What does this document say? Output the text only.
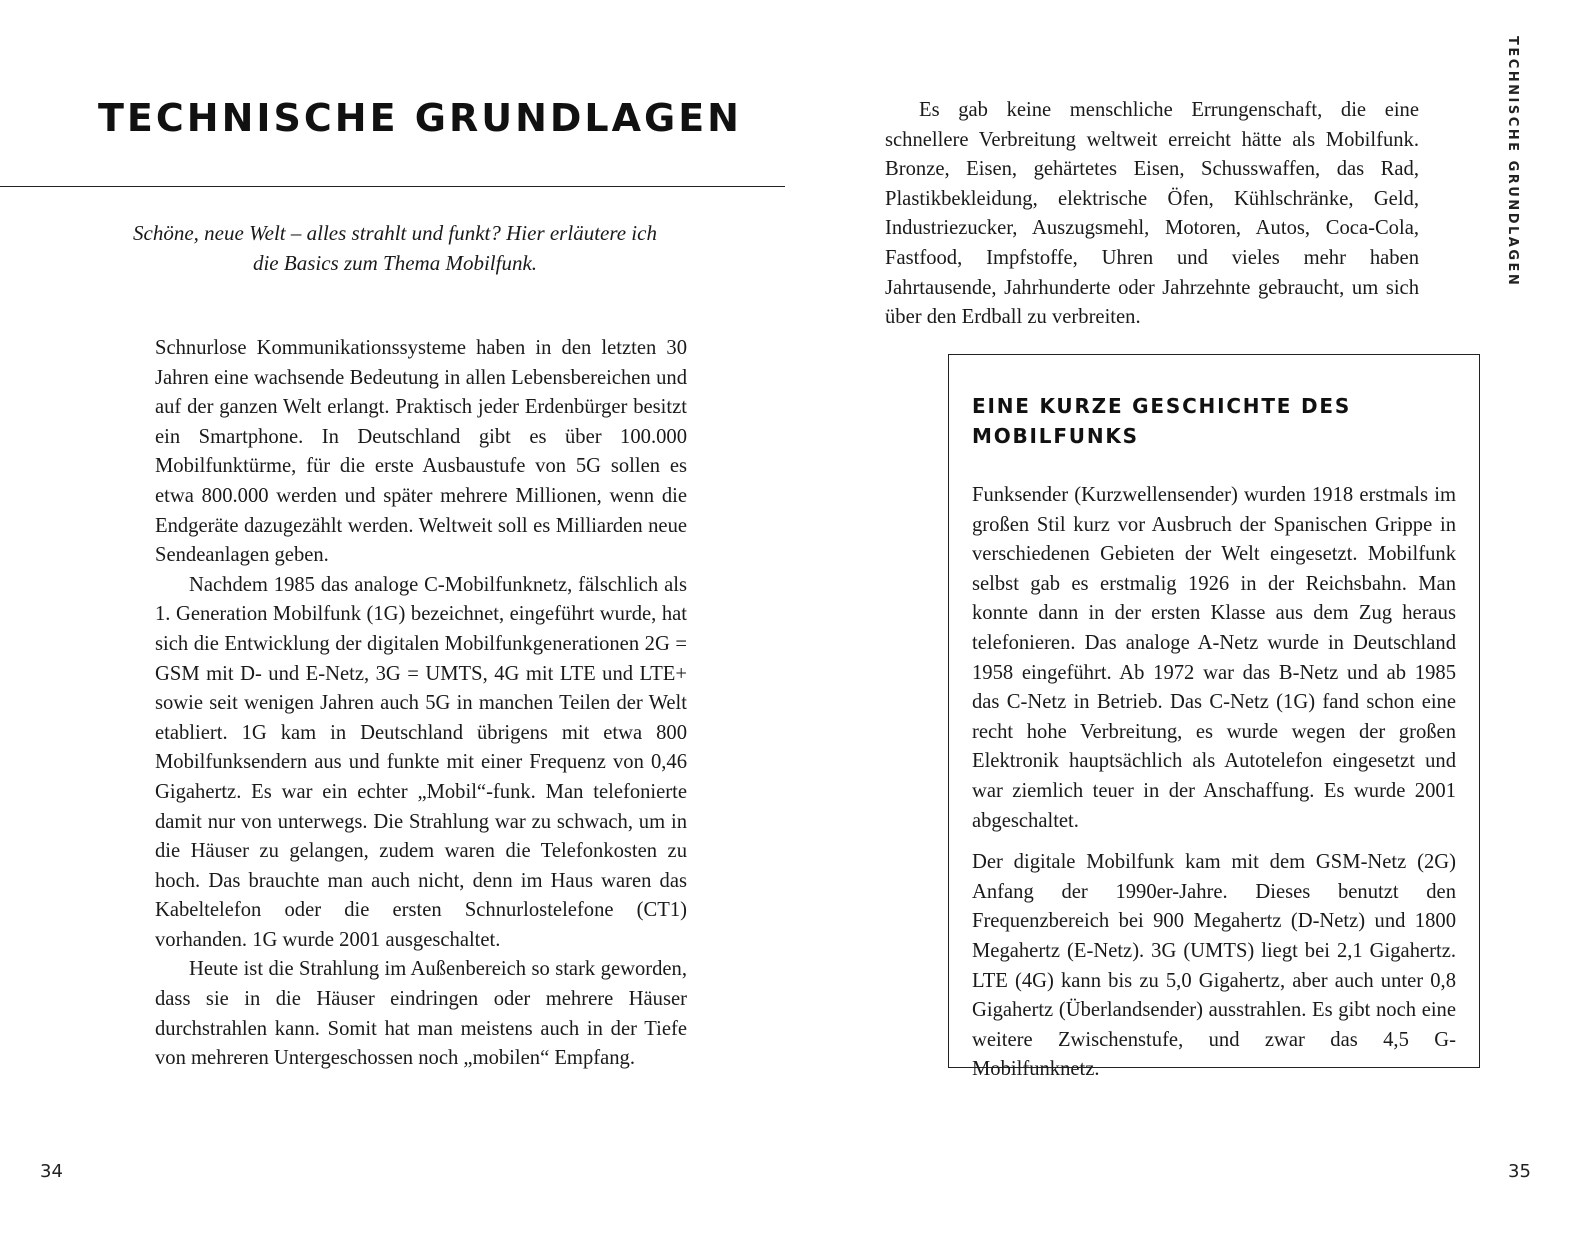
TECHNISCHE GRUNDLAGEN

Schöne, neue Welt – alles strahlt und funkt? Hier erläutere ich die Basics zum Thema Mobilfunk.

Schnurlose Kommunikationssysteme haben in den letzten 30 Jahren eine wachsende Bedeutung in allen Lebensbereichen und auf der ganzen Welt erlangt. Praktisch jeder Erdenbürger besitzt ein Smartphone. In Deutschland gibt es über 100.000 Mobilfunktürme, für die erste Ausbaustufe von 5G sollen es etwa 800.000 werden und später mehrere Millionen, wenn die Endgeräte dazugezählt werden. Weltweit soll es Milliarden neue Sendeanlagen geben.

Nachdem 1985 das analoge C-Mobilfunknetz, fälschlich als 1. Generation Mobilfunk (1G) bezeichnet, eingeführt wurde, hat sich die Entwicklung der digitalen Mobilfunkgenerationen 2G = GSM mit D- und E-Netz, 3G = UMTS, 4G mit LTE und LTE+ sowie seit wenigen Jahren auch 5G in manchen Teilen der Welt etabliert. 1G kam in Deutschland übrigens mit etwa 800 Mobilfunksendern aus und funkte mit einer Frequenz von 0,46 Gigahertz. Es war ein echter „Mobil“-funk. Man telefonierte damit nur von unterwegs. Die Strahlung war zu schwach, um in die Häuser zu gelangen, zudem waren die Telefonkosten zu hoch. Das brauchte man auch nicht, denn im Haus waren das Kabeltelefon oder die ersten Schnurlostelefone (CT1) vorhanden. 1G wurde 2001 ausgeschaltet.

Heute ist die Strahlung im Außenbereich so stark geworden, dass sie in die Häuser eindringen oder mehrere Häuser durchstrahlen kann. Somit hat man meistens auch in der Tiefe von mehreren Untergeschossen noch „mobilen“ Empfang.

34

Es gab keine menschliche Errungenschaft, die eine schnellere Verbreitung weltweit erreicht hätte als Mobilfunk. Bronze, Eisen, gehärtetes Eisen, Schusswaffen, das Rad, Plastikbekleidung, elektrische Öfen, Kühlschränke, Geld, Industriezucker, Auszugsmehl, Motoren, Autos, Coca-Cola, Fastfood, Impfstoffe, Uhren und vieles mehr haben Jahrtausende, Jahrhunderte oder Jahrzehnte gebraucht, um sich über den Erdball zu verbreiten.

EINE KURZE GESCHICHTE DES MOBILFUNKS

Funksender (Kurzwellensender) wurden 1918 erstmals im großen Stil kurz vor Ausbruch der Spanischen Grippe in verschiedenen Gebieten der Welt eingesetzt. Mobilfunk selbst gab es erstmalig 1926 in der Reichsbahn. Man konnte dann in der ersten Klasse aus dem Zug heraus telefonieren. Das analoge A-Netz wurde in Deutschland 1958 eingeführt. Ab 1972 war das B-Netz und ab 1985 das C-Netz in Betrieb. Das C-Netz (1G) fand schon eine recht hohe Verbreitung, es wurde wegen der großen Elektronik hauptsächlich als Autotelefon eingesetzt und war ziemlich teuer in der Anschaffung. Es wurde 2001 abgeschaltet.

Der digitale Mobilfunk kam mit dem GSM-Netz (2G) Anfang der 1990er-Jahre. Dieses benutzt den Frequenzbereich bei 900 Megahertz (D-Netz) und 1800 Megahertz (E-Netz). 3G (UMTS) liegt bei 2,1 Gigahertz. LTE (4G) kann bis zu 5,0 Gigahertz, aber auch unter 0,8 Gigahertz (Überlandsender) ausstrahlen. Es gibt noch eine weitere Zwischenstufe, und zwar das 4,5 G-Mobilfunknetz.

TECHNISCHE GRUNDLAGEN
35
